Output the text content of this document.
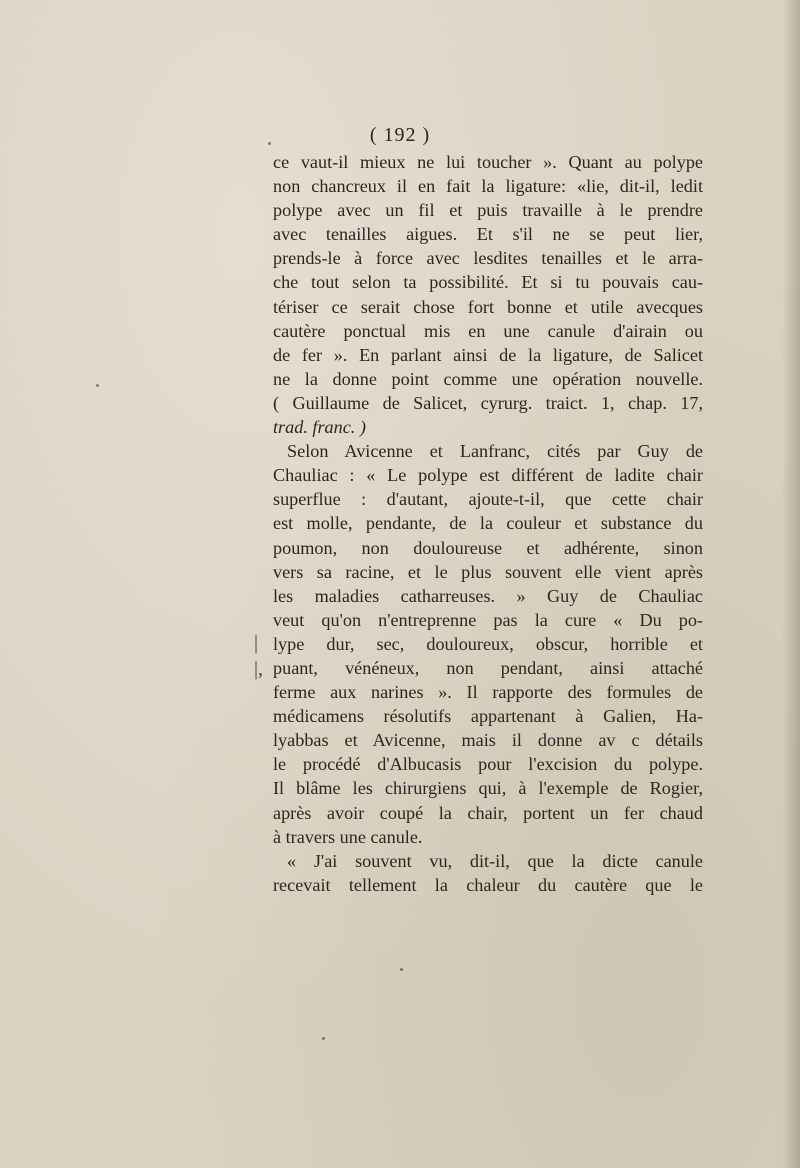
( 192 )
ce vaut-il mieux ne lui toucher ». Quant au polype
non chancreux il en fait la ligature: «lie, dit-il, ledit
polype avec un fil et puis travaille à le prendre
avec tenailles aigues. Et s'il ne se peut lier,
prends-le à force avec lesdites tenailles et le arra-
che tout selon ta possibilité. Et si tu pouvais cau-
tériser ce serait chose fort bonne et utile avecques
cautère ponctual mis en une canule d'airain ou
de fer ». En parlant ainsi de la ligature, de Salicet
ne la donne point comme une opération nouvelle.
( Guillaume de Salicet, cyrurg. traict. 1, chap. 17,
trad. franc. )
Selon Avicenne et Lanfranc, cités par Guy de
Chauliac : « Le polype est différent de ladite chair
superflue : d'autant, ajoute-t-il, que cette chair
est molle, pendante, de la couleur et substance du
poumon, non douloureuse et adhérente, sinon
vers sa racine, et le plus souvent elle vient après
les maladies catharreuses. » Guy de Chauliac
veut qu'on n'entreprenne pas la cure « Du po-
lype dur, sec, douloureux, obscur, horrible et
puant, vénéneux, non pendant, ainsi attaché
ferme aux narines ». Il rapporte des formules de
médicamens résolutifs appartenant à Galien, Ha-
lyabbas et Avicenne, mais il donne av c détails
le procédé d'Albucasis pour l'excision du polype.
Il blâme les chirurgiens qui, à l'exemple de Rogier,
après avoir coupé la chair, portent un fer chaud
à travers une canule.
« J'ai souvent vu, dit-il, que la dicte canule
recevait tellement la chaleur du cautère que le
|
|,
